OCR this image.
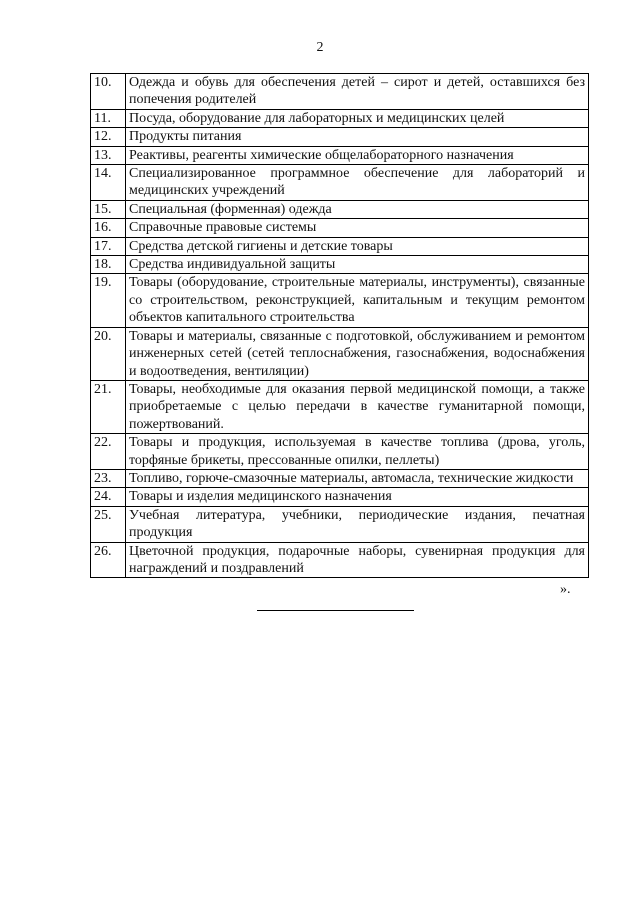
2
10.	Одежда и обувь для обеспечения детей – сирот и детей, оставшихся без попечения родителей
11.	Посуда, оборудование для лабораторных и медицинских целей
12.	Продукты питания
13.	Реактивы, реагенты химические общелабораторного назначения
14.	Специализированное программное обеспечение для лабораторий и медицинских учреждений
15.	Специальная (форменная) одежда
16.	Справочные правовые системы
17.	Средства детской гигиены и детские товары
18.	Средства индивидуальной защиты
19.	Товары (оборудование, строительные материалы, инструменты), связанные со строительством, реконструкцией, капитальным и текущим ремонтом объектов капитального строительства
20.	Товары и материалы, связанные с подготовкой, обслуживанием и ремонтом инженерных сетей (сетей теплоснабжения, газоснабжения, водоснабжения и водоотведения, вентиляции)
21.	Товары, необходимые для оказания первой медицинской помощи, а также приобретаемые с целью передачи в качестве гуманитарной помощи, пожертвований.
22.	Товары и продукция, используемая в качестве топлива (дрова, уголь, торфяные брикеты, прессованные опилки, пеллеты)
23.	Топливо, горюче-смазочные материалы, автомасла, технические жидкости
24.	Товары и изделия медицинского назначения
25.	Учебная литература, учебники, периодические издания, печатная продукция
26.	Цветочной продукция, подарочные наборы, сувенирная продукция для награждений и поздравлений
».
